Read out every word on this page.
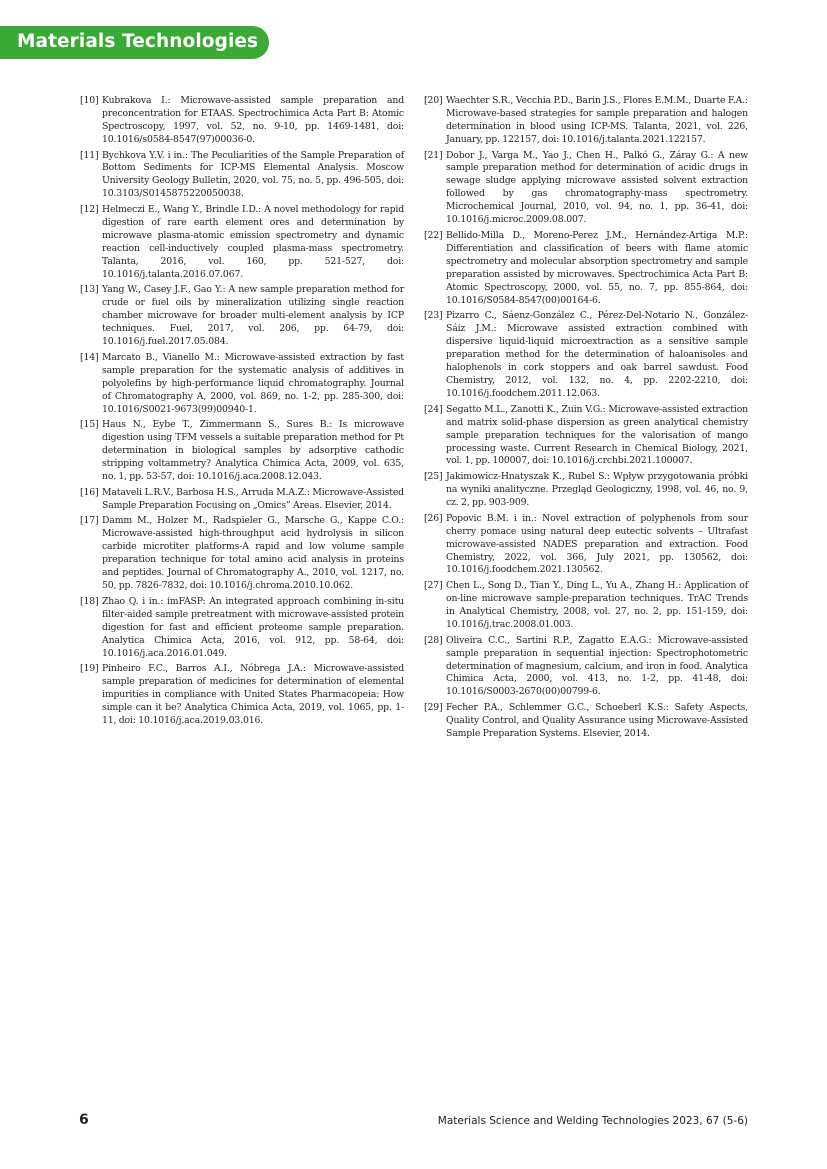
Materials Technologies
[10] Kubrakova I.: Microwave-assisted sample preparation and preconcentration for ETAAS. Spectrochimica Acta Part B: Atomic Spectroscopy, 1997, vol. 52, no. 9-10, pp. 1469-1481, doi: 10.1016/s0584-8547(97)00036-0.
[11] Bychkova Y.V. i in.: The Peculiarities of the Sample Preparation of Bottom Sediments for ICP-MS Elemental Analysis. Moscow University Geology Bulletin, 2020, vol. 75, no. 5, pp. 496-505, doi: 10.3103/S0145875220050038.
[12] Helmeczi E., Wang Y., Brindle I.D.: A novel methodology for rapid digestion of rare earth element ores and determination by microwave plasma-atomic emission spectrometry and dynamic reaction cell-inductively coupled plasma-mass spectrometry. Talanta, 2016, vol. 160, pp. 521-527, doi: 10.1016/j.talanta.2016.07.067.
[13] Yang W., Casey J.F., Gao Y.: A new sample preparation method for crude or fuel oils by mineralization utilizing single reaction chamber microwave for broader multi-element analysis by ICP techniques. Fuel, 2017, vol. 206, pp. 64-79, doi: 10.1016/j.fuel.2017.05.084.
[14] Marcato B., Vianello M.: Microwave-assisted extraction by fast sample preparation for the systematic analysis of additives in polyolefins by high-performance liquid chromatography. Journal of Chromatography A, 2000, vol. 869, no. 1-2, pp. 285-300, doi: 10.1016/S0021-9673(99)00940-1.
[15] Haus N., Eybe T., Zimmermann S., Sures B.: Is microwave digestion using TFM vessels a suitable preparation method for Pt determination in biological samples by adsorptive cathodic stripping voltammetry? Analytica Chimica Acta, 2009, vol. 635, no. 1, pp. 53-57, doi: 10.1016/j.aca.2008.12.043.
[16] Mataveli L.R.V., Barbosa H.S., Arruda M.A.Z.: Microwave-Assisted Sample Preparation Focusing on „Omics” Areas. Elsevier, 2014.
[17] Damm M., Holzer M., Radspieler G., Marsche G., Kappe C.O.: Microwave-assisted high-throughput acid hydrolysis in silicon carbide microtiter platforms-A rapid and low volume sample preparation technique for total amino acid analysis in proteins and peptides. Journal of Chromatography A., 2010, vol. 1217, no. 50, pp. 7826-7832, doi: 10.1016/j.chroma.2010.10.062.
[18] Zhao Q. i in.: imFASP: An integrated approach combining in-situ filter-aided sample pretreatment with microwave-assisted protein digestion for fast and efficient proteome sample preparation. Analytica Chimica Acta, 2016, vol. 912, pp. 58-64, doi: 10.1016/j.aca.2016.01.049.
[19] Pinheiro F.C., Barros A.I., Nóbrega J.A.: Microwave-assisted sample preparation of medicines for determination of elemental impurities in compliance with United States Pharmacopeia: How simple can it be? Analytica Chimica Acta, 2019, vol. 1065, pp. 1-11, doi: 10.1016/j.aca.2019.03.016.
[20] Waechter S.R., Vecchia P.D., Barin J.S., Flores E.M.M., Duarte F.A.: Microwave-based strategies for sample preparation and halogen determination in blood using ICP-MS. Talanta, 2021, vol. 226, January, pp. 122157, doi: 10.1016/j.talanta.2021.122157.
[21] Dobor J., Varga M., Yao J., Chen H., Palkó G., Záray G.: A new sample preparation method for determination of acidic drugs in sewage sludge applying microwave assisted solvent extraction followed by gas chromatography-mass spectrometry. Microchemical Journal, 2010, vol. 94, no. 1, pp. 36-41, doi: 10.1016/j.microc.2009.08.007.
[22] Bellido-Milla D., Moreno-Perez J.M., Hernández-Artiga M.P.: Differentiation and classification of beers with flame atomic spectrometry and molecular absorption spectrometry and sample preparation assisted by microwaves. Spectrochimica Acta Part B: Atomic Spectroscopy, 2000, vol. 55, no. 7, pp. 855-864, doi: 10.1016/S0584-8547(00)00164-6.
[23] Pizarro C., Sáenz-González C., Pérez-Del-Notario N., González-Sáiz J.M.: Microwave assisted extraction combined with dispersive liquid-liquid microextraction as a sensitive sample preparation method for the determination of haloanisoles and halophenols in cork stoppers and oak barrel sawdust. Food Chemistry, 2012, vol. 132, no. 4, pp. 2202-2210, doi: 10.1016/j.foodchem.2011.12.063.
[24] Segatto M.L., Zanotti K., Zuin V.G.: Microwave-assisted extraction and matrix solid-phase dispersion as green analytical chemistry sample preparation techniques for the valorisation of mango processing waste. Current Research in Chemical Biology, 2021, vol. 1, pp. 100007, doi: 10.1016/j.crchbi.2021.100007.
[25] Jakimowicz-Hnatyszak K., Rubel S.: Wpływ przygotowania próbki na wyniki analityczne. Przegląd Geologiczny, 1998, vol. 46, no. 9, cz. 2, pp. 903-909.
[26] Popovic B.M. i in.: Novel extraction of polyphenols from sour cherry pomace using natural deep eutectic solvents – Ultrafast microwave-assisted NADES preparation and extraction. Food Chemistry, 2022, vol. 366, July 2021, pp. 130562, doi: 10.1016/j.foodchem.2021.130562.
[27] Chen L., Song D., Tian Y., Ding L., Yu A., Zhang H.: Application of on-line microwave sample-preparation techniques. TrAC Trends in Analytical Chemistry, 2008, vol. 27, no. 2, pp. 151-159, doi: 10.1016/j.trac.2008.01.003.
[28] Oliveira C.C., Sartini R.P., Zagatto E.A.G.: Microwave-assisted sample preparation in sequential injection: Spectrophotometric determination of magnesium, calcium, and iron in food. Analytica Chimica Acta, 2000, vol. 413, no. 1-2, pp. 41-48, doi: 10.1016/S0003-2670(00)00799-6.
[29] Fecher P.A., Schlemmer G.C., Schoeberl K.S.: Safety Aspects, Quality Control, and Quality Assurance using Microwave-Assisted Sample Preparation Systems. Elsevier, 2014.
6	Materials Science and Welding Technologies 2023, 67 (5-6)
